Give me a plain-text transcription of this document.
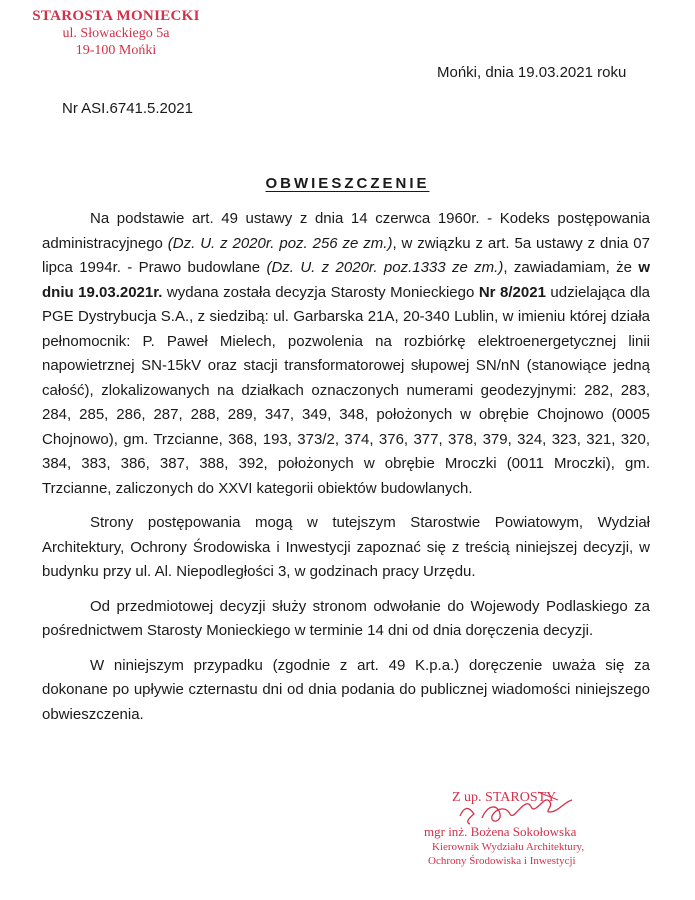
STAROSTA MONIECKI
ul. Słowackiego 5a
19-100 Mońki
Mońki, dnia 19.03.2021 roku
Nr ASI.6741.5.2021
OBWIESZCZENIE

Na podstawie art. 49 ustawy z dnia 14 czerwca 1960r. - Kodeks postępowania administracyjnego (Dz. U. z 2020r. poz. 256 ze zm.), w związku z art. 5a ustawy z dnia 07 lipca 1994r. - Prawo budowlane (Dz. U. z 2020r. poz.1333 ze zm.), zawiadamiam, że w dniu 19.03.2021r. wydana została decyzja Starosty Monieckiego Nr 8/2021 udzielająca dla PGE Dystrybucja S.A., z siedzibą: ul. Garbarska 21A, 20-340 Lublin, w imieniu której działa pełnomocnik: P. Paweł Mielech, pozwolenia na rozbiórkę elektroenergetycznej linii napowietrznej SN-15kV oraz stacji transformatorowej słupowej SN/nN (stanowiące jedną całość), zlokalizowanych na działkach oznaczonych numerami geodezyjnymi: 282, 283, 284, 285, 286, 287, 288, 289, 347, 349, 348, położonych w obrębie Chojnowo (0005 Chojnowo), gm. Trzcianne, 368, 193, 373/2, 374, 376, 377, 378, 379, 324, 323, 321, 320, 384, 383, 386, 387, 388, 392, położonych w obrębie Mroczki (0011 Mroczki), gm. Trzcianne, zaliczonych do XXVI kategorii obiektów budowlanych.

Strony postępowania mogą w tutejszym Starostwie Powiatowym, Wydział Architektury, Ochrony Środowiska i Inwestycji zapoznać się z treścią niniejszej decyzji, w budynku przy ul. Al. Niepodległości 3, w godzinach pracy Urzędu.

Od przedmiotowej decyzji służy stronom odwołanie do Wojewody Podlaskiego za pośrednictwem Starosty Monieckiego w terminie 14 dni od dnia doręczenia decyzji.

W niniejszym przypadku (zgodnie z art. 49 K.p.a.) doręczenie uważa się za dokonane po upływie czternastu dni od dnia podania do publicznej wiadomości niniejszego obwieszczenia.

Z up. STAROSTY
mgr inż. Bożena Sokołowska
Kierownik Wydziału Architektury,
Ochrony Środowiska i Inwestycji
